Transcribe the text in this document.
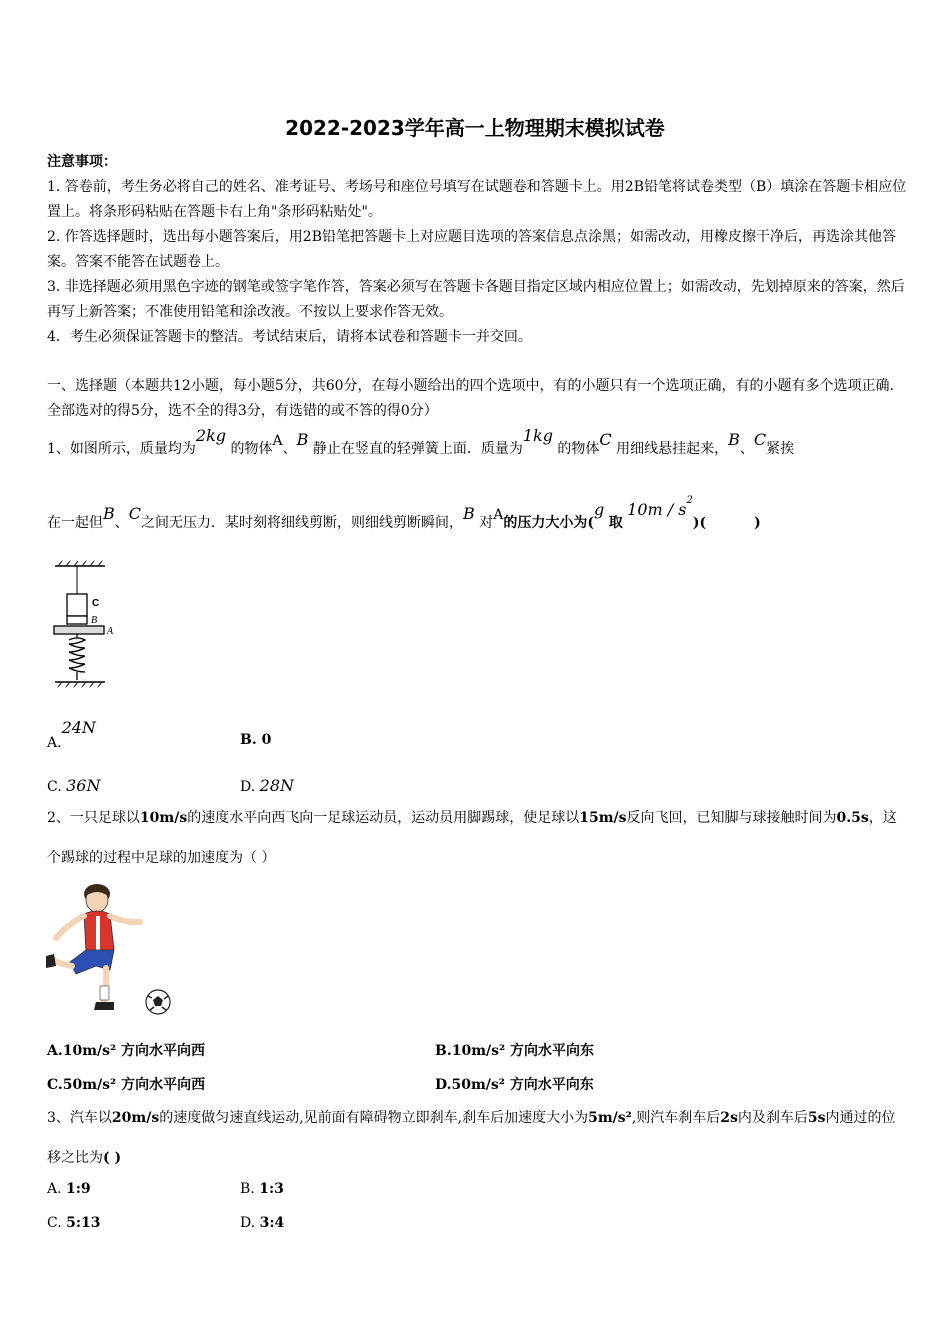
2022-2023学年高一上物理期末模拟试卷

注意事项：

1. 答卷前，考生务必将自己的姓名、准考证号、考场号和座位号填写在试题卷和答题卡上。用2B铅笔将试卷类型（B）填涂在答题卡相应位置上。将条形码粘贴在答题卡右上角"条形码粘贴处"。

2. 作答选择题时，选出每小题答案后，用2B铅笔把答题卡上对应题目选项的答案信息点涂黑；如需改动，用橡皮擦干净后，再选涂其他答案。答案不能答在试题卷上。

3. 非选择题必须用黑色字迹的钢笔或签字笔作答，答案必须写在答题卡各题目指定区域内相应位置上；如需改动，先划掉原来的答案，然后再写上新答案；不准使用铅笔和涂改液。不按以上要求作答无效。

4．考生必须保证答题卡的整洁。考试结束后，请将本试卷和答题卡一并交回。

一、选择题（本题共12小题，每小题5分，共60分，在每小题给出的四个选项中，有的小题只有一个选项正确，有的小题有多个选项正确.全部选对的得5分，选不全的得3分，有选错的或不答的得0分）
1、如图所示，质量均为2kg 的物体A、B 静止在竖直的轻弹簧上面．质量为1kg 的物体C 用细线悬挂起来，B、C紧挨
在一起但B、C之间无压力．某时刻将细线剪断，则细线剪断瞬间，B 对A的压力大小为(g 取 $10m / s^2$)(	)
C
B
A
A.24N
B. 0
C. 36N	D. 28N
2、一只足球以10m/s的速度水平向西飞向一足球运动员，运动员用脚踢球，使足球以15m/s反向飞回，已知脚与球接触时间为0.5s，这个踢球的过程中足球的加速度为（ ）
A.10m/s² 方向水平向西	B.10m/s² 方向水平向东
C.50m/s² 方向水平向西	D.50m/s² 方向水平向东
3、汽车以20m/s的速度做匀速直线运动,见前面有障碍物立即刹车,刹车后加速度大小为5m/s²,则汽车刹车后2s内及刹车后5s内通过的位移之比为( )
A. 1:9	B. 1:3
C. 5:13	D. 3:4
